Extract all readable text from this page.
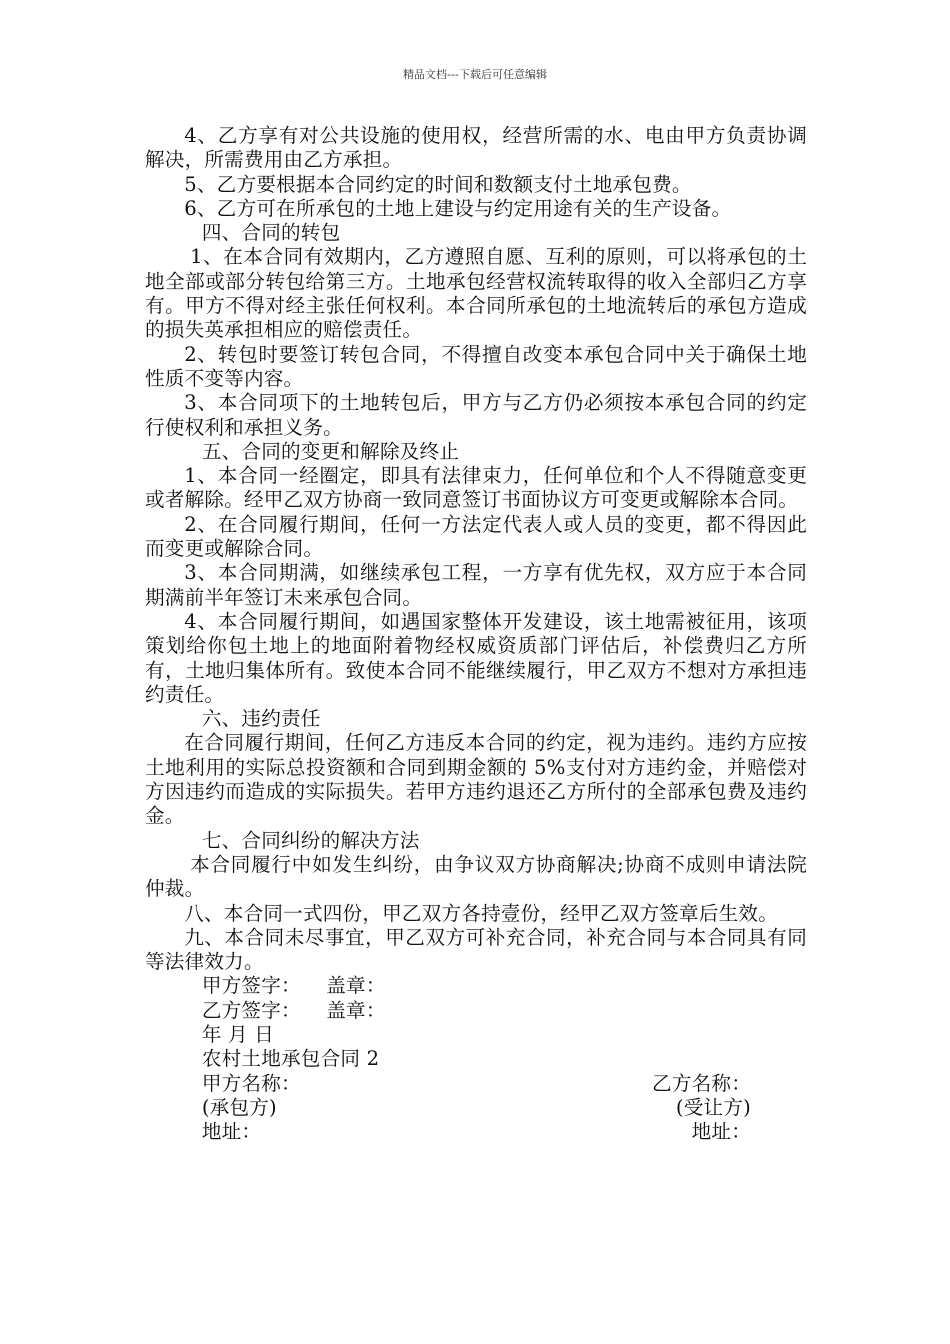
精品文档---下载后可任意编辑

4、乙方享有对公共设施的使用权，经营所需的水、电由甲方负责协调解决，所需费用由乙方承担。

5、乙方要根据本合同约定的时间和数额支付土地承包费。

6、乙方可在所承包的土地上建设与约定用途有关的生产设备。

四、合同的转包

1、在本合同有效期内，乙方遵照自愿、互利的原则，可以将承包的土地全部或部分转包给第三方。土地承包经营权流转取得的收入全部归乙方享有。甲方不得对经主张任何权利。本合同所承包的土地流转后的承包方造成的损失英承担相应的赔偿责任。

2、转包时要签订转包合同，不得擅自改变本承包合同中关于确保土地性质不变等内容。

3、本合同项下的土地转包后，甲方与乙方仍必须按本承包合同的约定行使权利和承担义务。

五、合同的变更和解除及终止

1、本合同一经圈定，即具有法律束力，任何单位和个人不得随意变更或者解除。经甲乙双方协商一致同意签订书面协议方可变更或解除本合同。

2、在合同履行期间，任何一方法定代表人或人员的变更，都不得因此而变更或解除合同。

3、本合同期满，如继续承包工程，一方享有优先权，双方应于本合同期满前半年签订未来承包合同。

4、本合同履行期间，如遇国家整体开发建设，该土地需被征用，该项策划给你包土地上的地面附着物经权威资质部门评估后，补偿费归乙方所有，土地归集体所有。致使本合同不能继续履行，甲乙双方不想对方承担违约责任。

六、违约责任

在合同履行期间，任何乙方违反本合同的约定，视为违约。违约方应按土地利用的实际总投资额和合同到期金额的 5%支付对方违约金，并赔偿对方因违约而造成的实际损失。若甲方违约退还乙方所付的全部承包费及违约金。

七、合同纠纷的解决方法

本合同履行中如发生纠纷，由争议双方协商解决;协商不成则申请法院仲裁。

八、本合同一式四份，甲乙双方各持壹份，经甲乙双方签章后生效。

九、本合同未尽事宜，甲乙双方可补充合同，补充合同与本合同具有同等法律效力。

甲方签字： 盖章：

乙方签字： 盖章：

年 月 日

农村土地承包合同 2

甲方名称：	乙方名称：
(承包方)	(受让方)
地址：	地址：
